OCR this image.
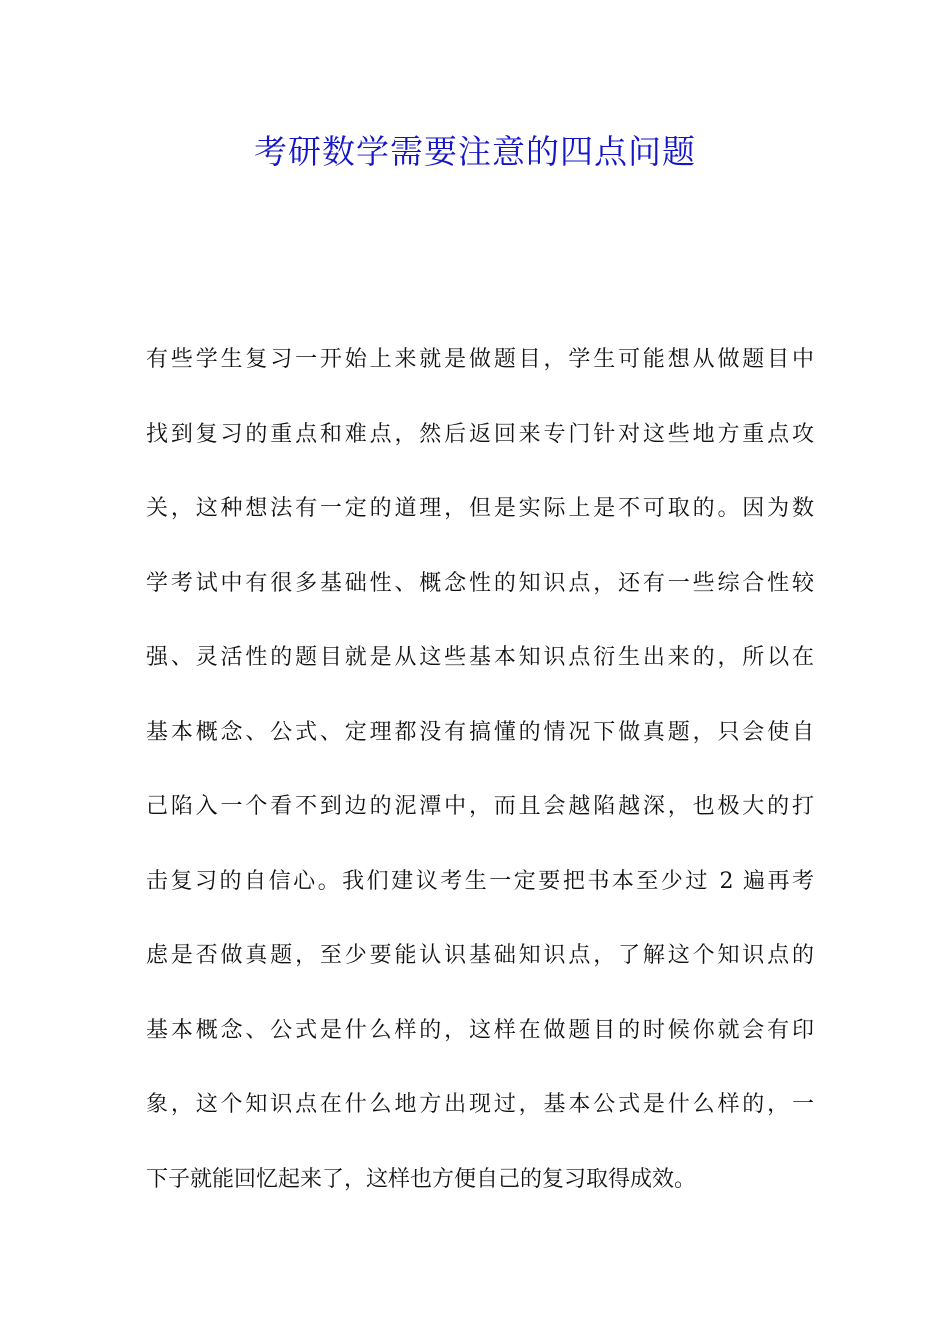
考研数学需要注意的四点问题
有些学生复习一开始上来就是做题目，学生可能想从做题目中
找到复习的重点和难点，然后返回来专门针对这些地方重点攻
关，这种想法有一定的道理，但是实际上是不可取的。因为数
学考试中有很多基础性、概念性的知识点，还有一些综合性较
强、灵活性的题目就是从这些基本知识点衍生出来的，所以在
基本概念、公式、定理都没有搞懂的情况下做真题，只会使自
己陷入一个看不到边的泥潭中，而且会越陷越深，也极大的打
击复习的自信心。我们建议考生一定要把书本至少过 2 遍再考
虑是否做真题，至少要能认识基础知识点，了解这个知识点的
基本概念、公式是什么样的，这样在做题目的时候你就会有印
象，这个知识点在什么地方出现过，基本公式是什么样的，一
下子就能回忆起来了，这样也方便自己的复习取得成效。
